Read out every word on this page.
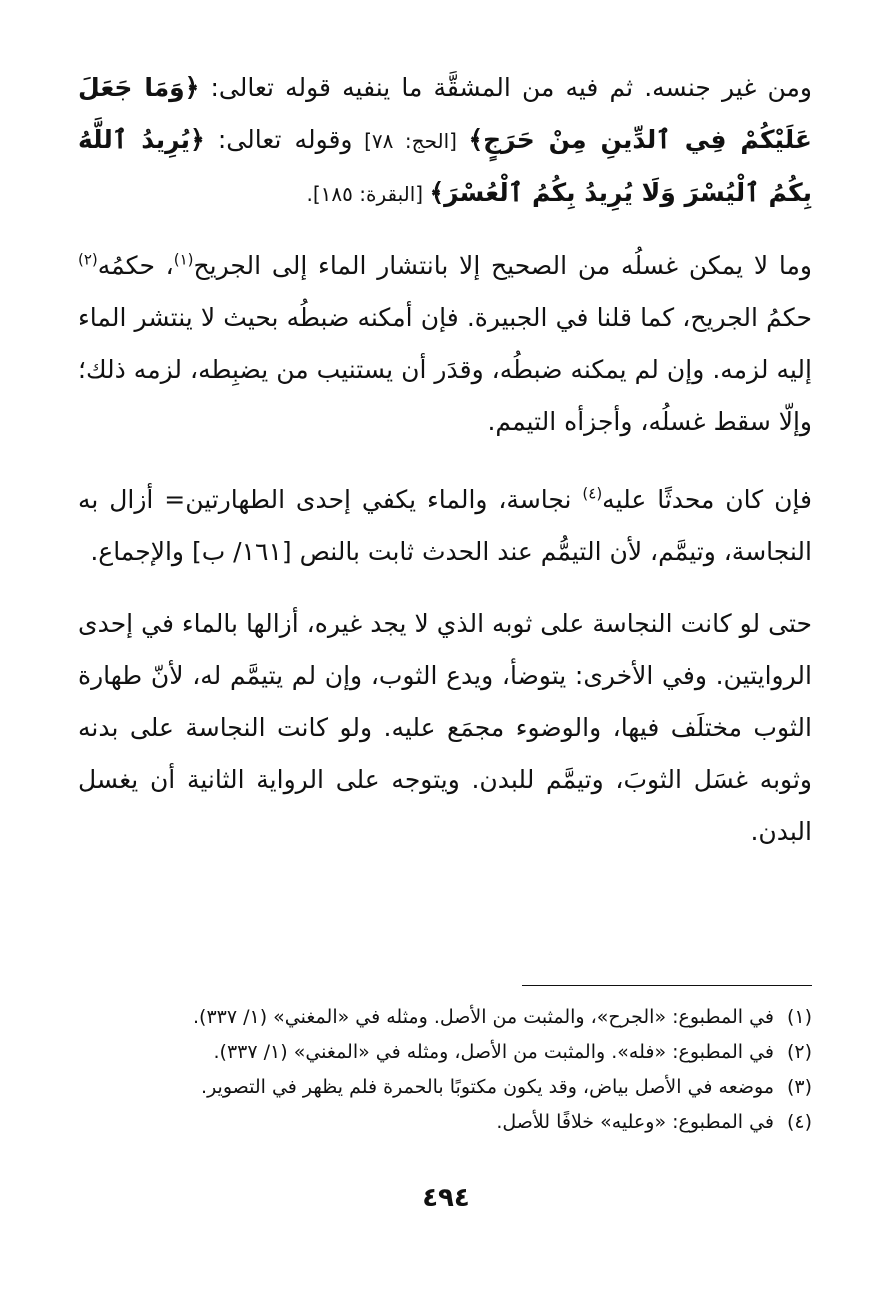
ومن غير جنسه. ثم فيه من المشقَّة ما ينفيه قوله تعالى: ﴿وَمَا جَعَلَ عَلَيْكُمْ فِي ٱلدِّينِ مِنْ حَرَجٍ﴾ [الحج: ٧٨] وقوله تعالى: ﴿يُرِيدُ ٱللَّهُ بِكُمُ ٱلْيُسْرَ وَلَا يُرِيدُ بِكُمُ ٱلْعُسْرَ﴾ [البقرة: ١٨٥].

وما لا يمكن غسلُه من الصحيح إلا بانتشار الماء إلى الجريح$^{(١)}$، حكمُه$^{(٢)}$ حكمُ الجريح، كما قلنا في الجبيرة. فإن أمكنه ضبطُه بحيث لا ينتشر الماء إليه لزمه. وإن لم يمكنه ضبطُه، وقدَر أن يستنيب من يضبِطه، لزمه ذلك؛ وإلّا سقط غسلُه، وأجزأه التيمم.

فإن كان محدثًا عليه$^{(٤)}$ نجاسة، والماء يكفي إحدى الطهارتين= أزال به النجاسة، وتيمَّم، لأن التيمُّم عند الحدث ثابت بالنص [١٦١/ ب] والإجماع.

حتى لو كانت النجاسة على ثوبه الذي لا يجد غيره، أزالها بالماء في إحدى الروايتين. وفي الأخرى: يتوضأ، ويدع الثوب، وإن لم يتيمَّم له، لأنّ طهارة الثوب مختلَف فيها، والوضوء مجمَع عليه. ولو كانت النجاسة على بدنه وثوبه غسَل الثوبَ، وتيمَّم للبدن. ويتوجه على الرواية الثانية أن يغسل البدن.

(١)في المطبوع: «الجرح»، والمثبت من الأصل. ومثله في «المغني» (١/ ٣٣٧).

(٢)في المطبوع: «فله». والمثبت من الأصل، ومثله في «المغني» (١/ ٣٣٧).

(٣)موضعه في الأصل بياض، وقد يكون مكتوبًا بالحمرة فلم يظهر في التصوير.

(٤)في المطبوع: «وعليه» خلافًا للأصل.

٤٩٤
